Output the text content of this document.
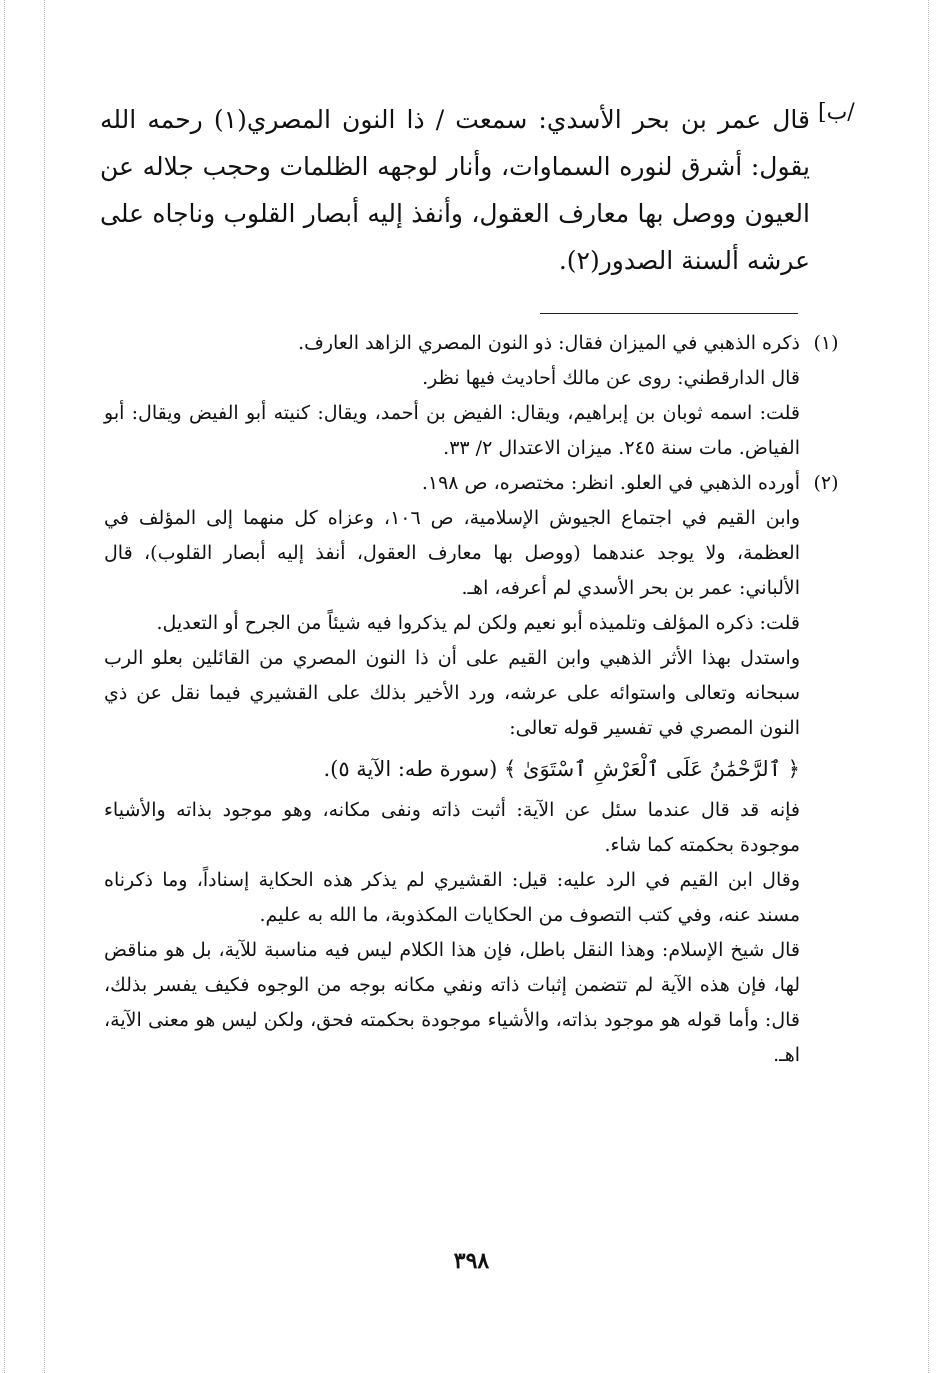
/ب]

قال عمر بن بحر الأسدي: سمعت / ذا النون المصري(١) رحمه الله يقول: أشرق لنوره السماوات، وأنار لوجهه الظلمات وحجب جلاله عن العيون ووصل بها معارف العقول، وأنفذ إليه أبصار القلوب وناجاه على عرشه ألسنة الصدور(٢).

(١)

ذكره الذهبي في الميزان فقال: ذو النون المصري الزاهد العارف.

قال الدارقطني: روى عن مالك أحاديث فيها نظر.

قلت: اسمه ثوبان بن إبراهيم، ويقال: الفيض بن أحمد، ويقال: كنيته أبو الفيض ويقال: أبو الفياض. مات سنة ٢٤٥. ميزان الاعتدال ٢/ ٣٣.

(٢)

أورده الذهبي في العلو. انظر: مختصره، ص ١٩٨.

وابن القيم في اجتماع الجيوش الإسلامية، ص ١٠٦، وعزاه كل منهما إلى المؤلف في العظمة، ولا يوجد عندهما (ووصل بها معارف العقول، أنفذ إليه أبصار القلوب)، قال الألباني: عمر بن بحر الأسدي لم أعرفه، اهـ.

قلت: ذكره المؤلف وتلميذه أبو نعيم ولكن لم يذكروا فيه شيئاً من الجرح أو التعديل.

واستدل بهذا الأثر الذهبي وابن القيم على أن ذا النون المصري من القائلين بعلو الرب سبحانه وتعالى واستوائه على عرشه، ورد الأخير بذلك على القشيري فيما نقل عن ذي النون المصري في تفسير قوله تعالى:

﴿ ٱلرَّحْمَٰنُ عَلَى ٱلْعَرْشِ ٱسْتَوَىٰ ﴾ (سورة طه: الآية ٥).

فإنه قد قال عندما سئل عن الآية: أثبت ذاته ونفى مكانه، وهو موجود بذاته والأشياء موجودة بحكمته كما شاء.

وقال ابن القيم في الرد عليه: قيل: القشيري لم يذكر هذه الحكاية إسناداً، وما ذكرناه مسند عنه، وفي كتب التصوف من الحكايات المكذوبة، ما الله به عليم.

قال شيخ الإسلام: وهذا النقل باطل، فإن هذا الكلام ليس فيه مناسبة للآية، بل هو مناقض لها، فإن هذه الآية لم تتضمن إثبات ذاته ونفي مكانه بوجه من الوجوه فكيف يفسر بذلك، قال: وأما قوله هو موجود بذاته، والأشياء موجودة بحكمته فحق، ولكن ليس هو معنى الآية، اهـ.

٣٩٨
